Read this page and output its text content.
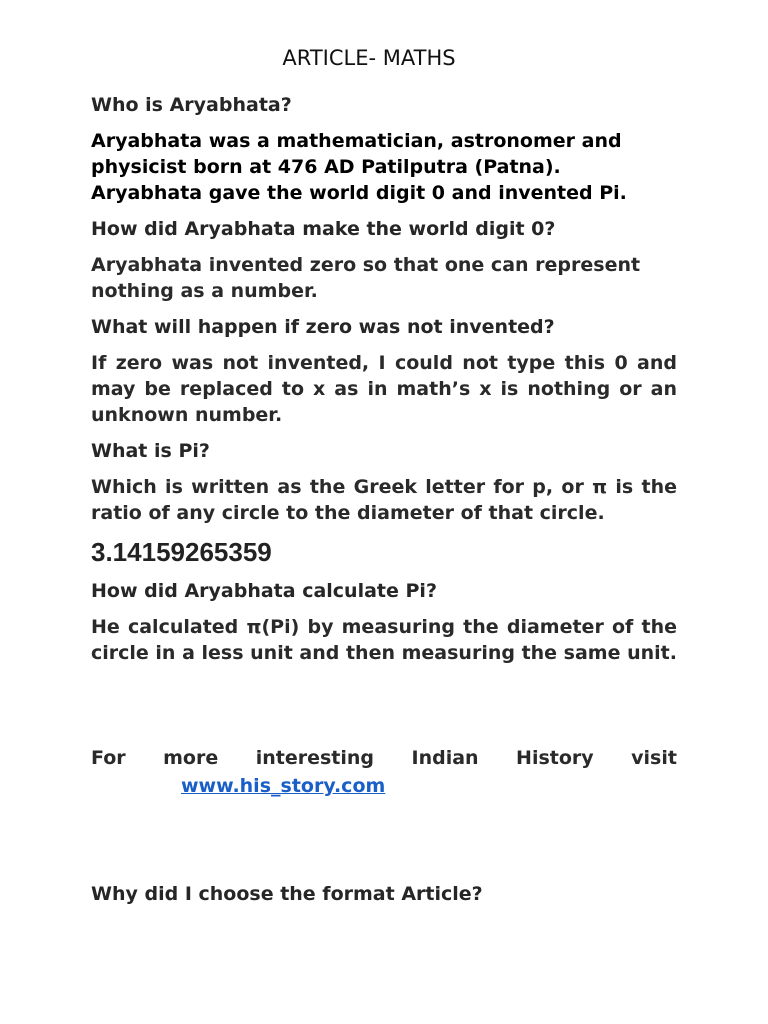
ARTICLE- MATHS

Who is Aryabhata?

Aryabhata was a mathematician, astronomer and physicist born at 476 AD Patilputra (Patna). Aryabhata gave the world digit 0 and invented Pi.

How did Aryabhata make the world digit 0?

Aryabhata invented zero so that one can represent nothing as a number.

What will happen if zero was not invented?

If zero was not invented, I could not type this 0 and may be replaced to x as in math’s x is nothing or an unknown number.

What is Pi?

Which is written as the Greek letter for p, or π is the ratio of any circle to the diameter of that circle.

3.14159265359

How did Aryabhata calculate Pi?

He calculated π(Pi) by measuring the diameter of the circle in a less unit and then measuring the same unit.

For more interesting Indian History visit
www.his_story.com

Why did I choose the format Article?
